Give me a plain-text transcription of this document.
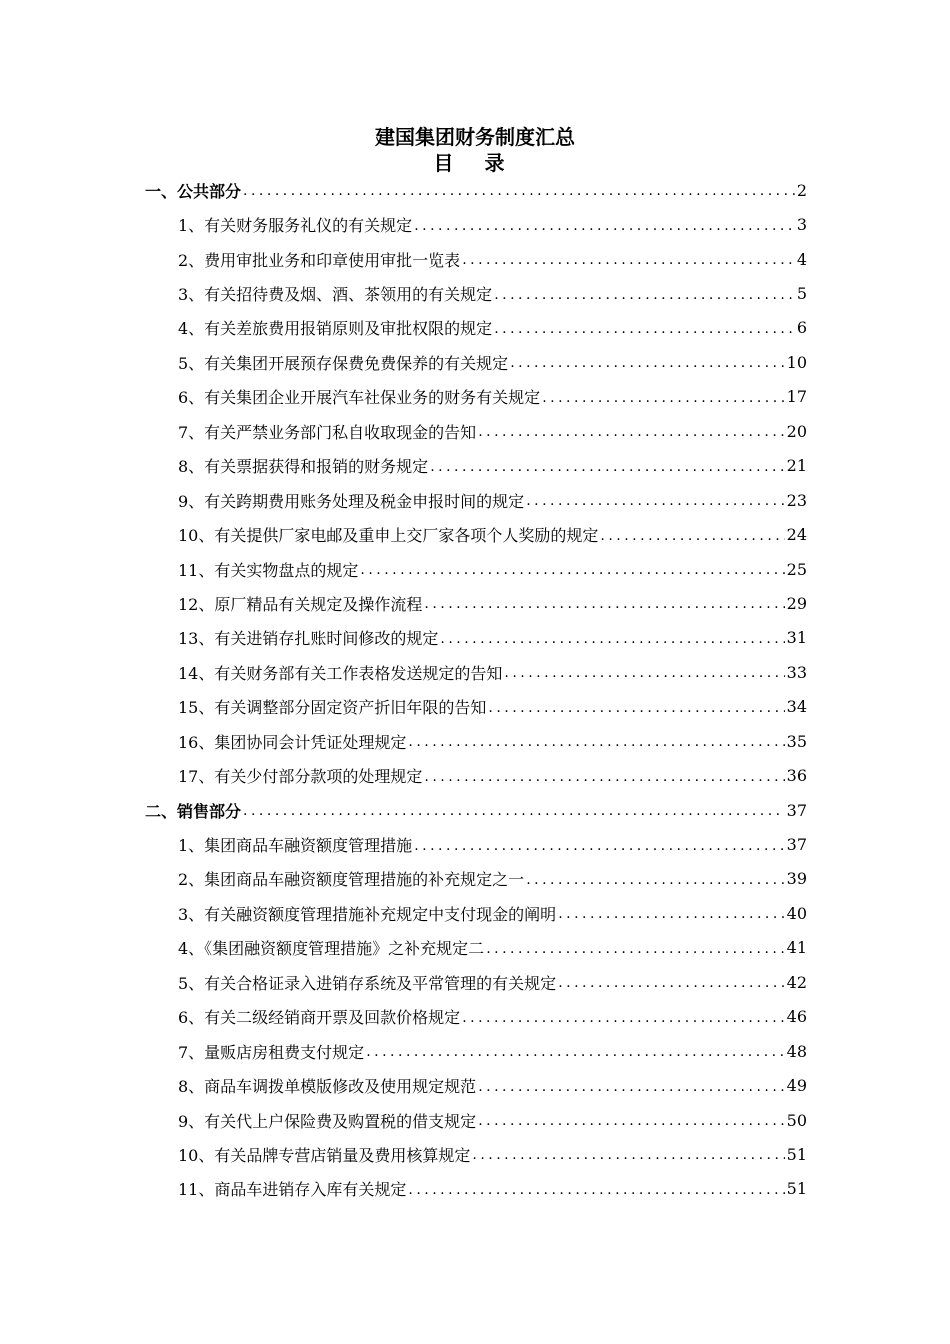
建国集团财务制度汇总
目 录
一、公共部分 .....	2
1、有关财务服务礼仪的有关规定 .....	3
2、费用审批业务和印章使用审批一览表 .....	4
3、有关招待费及烟、酒、茶领用的有关规定 .....	5
4、有关差旅费用报销原则及审批权限的规定 .....	6
5、有关集团开展预存保费免费保养的有关规定 .....	10
6、有关集团企业开展汽车社保业务的财务有关规定 .....	17
7、有关严禁业务部门私自收取现金的告知 .....	20
8、有关票据获得和报销的财务规定 .....	21
9、有关跨期费用账务处理及税金申报时间的规定 .....	23
10、有关提供厂家电邮及重申上交厂家各项个人奖励的规定 .....	24
11、有关实物盘点的规定 .....	25
12、原厂精品有关规定及操作流程 .....	29
13、有关进销存扎账时间修改的规定 .....	31
14、有关财务部有关工作表格发送规定的告知 .....	33
15、有关调整部分固定资产折旧年限的告知 .....	34
16、集团协同会计凭证处理规定 .....	35
17、有关少付部分款项的处理规定 .....	36
二、销售部分 .....	37
1、集团商品车融资额度管理措施 .....	37
2、集团商品车融资额度管理措施的补充规定之一 .....	39
3、有关融资额度管理措施补充规定中支付现金的阐明 .....	40
4、《集团融资额度管理措施》之补充规定二 .....	41
5、有关合格证录入进销存系统及平常管理的有关规定 .....	42
6、有关二级经销商开票及回款价格规定 .....	46
7、量贩店房租费支付规定 .....	48
8、商品车调拨单模版修改及使用规定规范 .....	49
9、有关代上户保险费及购置税的借支规定 .....	50
10、有关品牌专营店销量及费用核算规定 .....	51
11、商品车进销存入库有关规定 .....	51
